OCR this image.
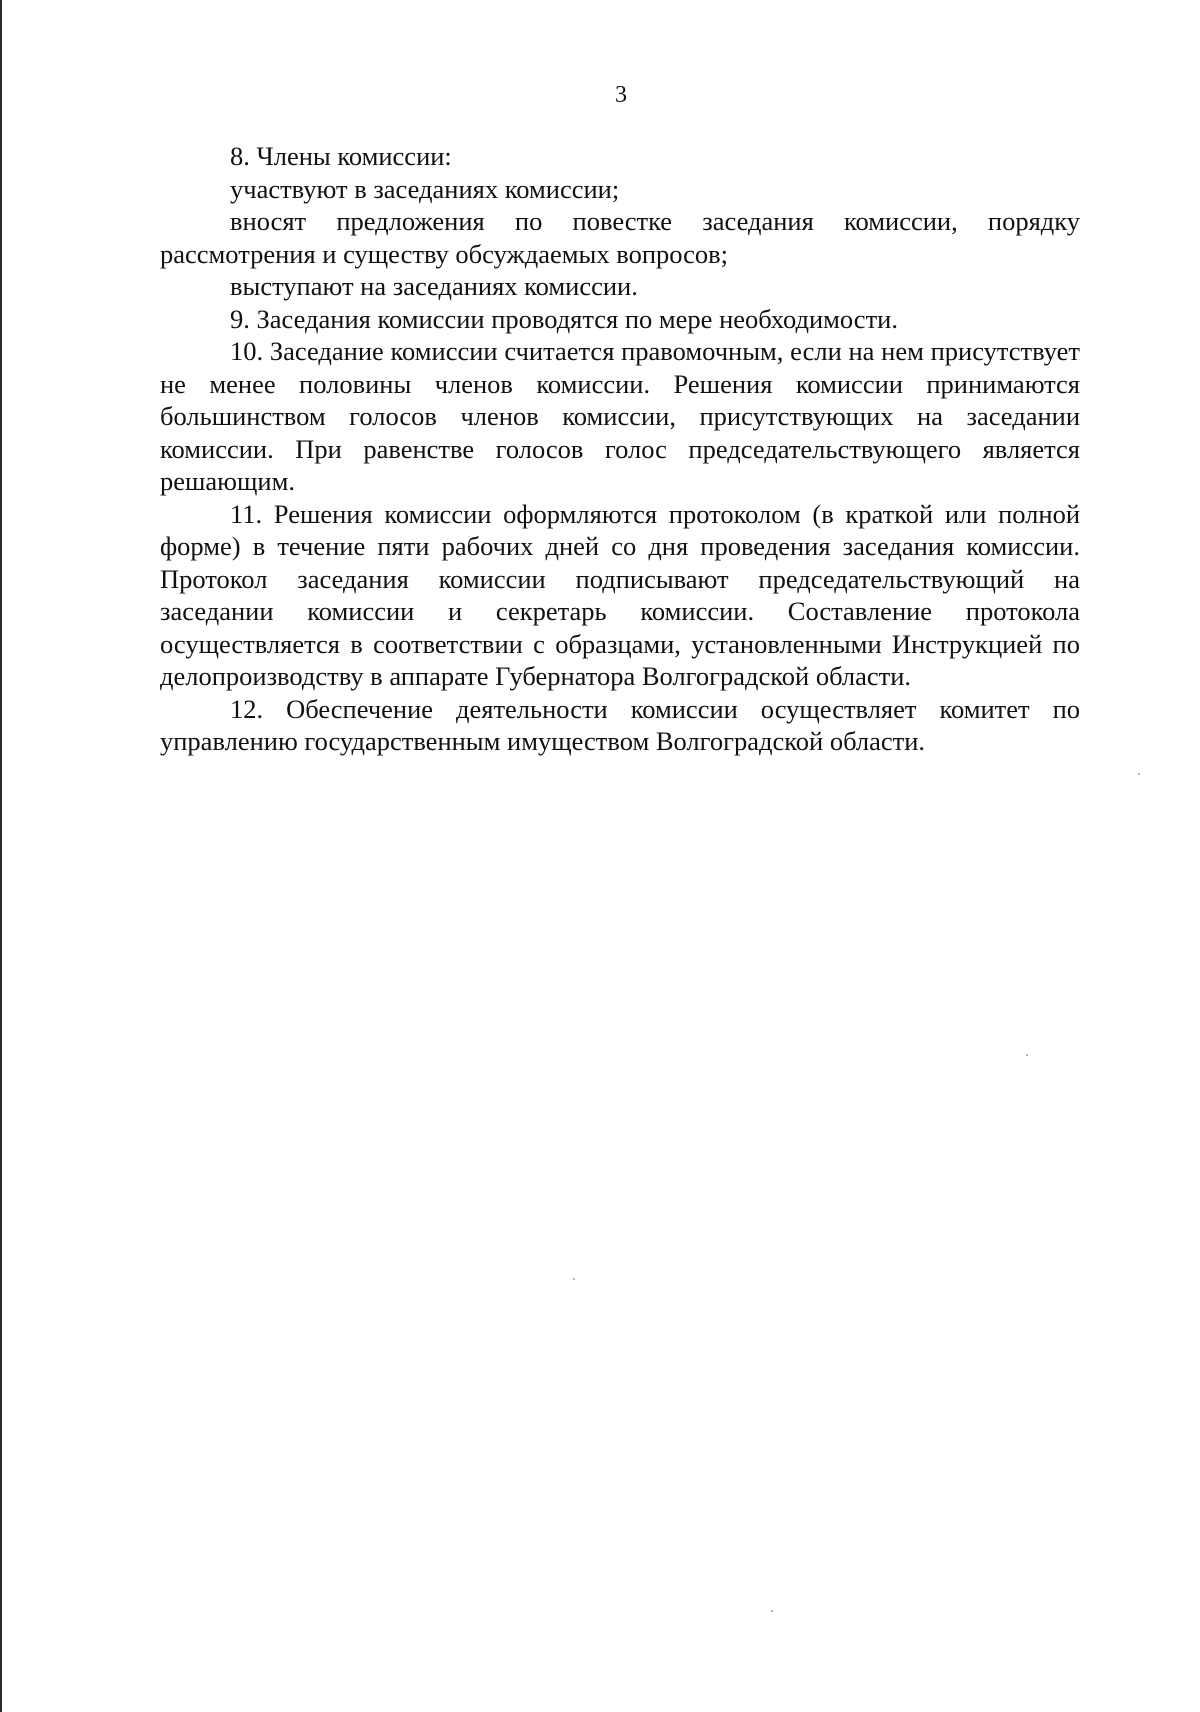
3

8. Члены комиссии:

участвуют в заседаниях комиссии;

вносят предложения по повестке заседания комиссии, порядку рассмотрения и существу обсуждаемых вопросов;

выступают на заседаниях комиссии.

9. Заседания комиссии проводятся по мере необходимости.

10. Заседание комиссии считается правомочным, если на нем присутствует не менее половины членов комиссии. Решения комиссии принимаются большинством голосов членов комиссии, присутствующих на заседании комиссии. При равенстве голосов голос председательствующего является решающим.

11. Решения комиссии оформляются протоколом (в краткой или полной форме) в течение пяти рабочих дней со дня проведения заседания комиссии. Протокол заседания комиссии подписывают председательствующий на заседании комиссии и секретарь комиссии. Составление протокола осуществляется в соответствии с образцами, установленными Инструкцией по делопроизводству в аппарате Губернатора Волгоградской области.

12. Обеспечение деятельности комиссии осуществляет комитет по управлению государственным имуществом Волгоградской области.
